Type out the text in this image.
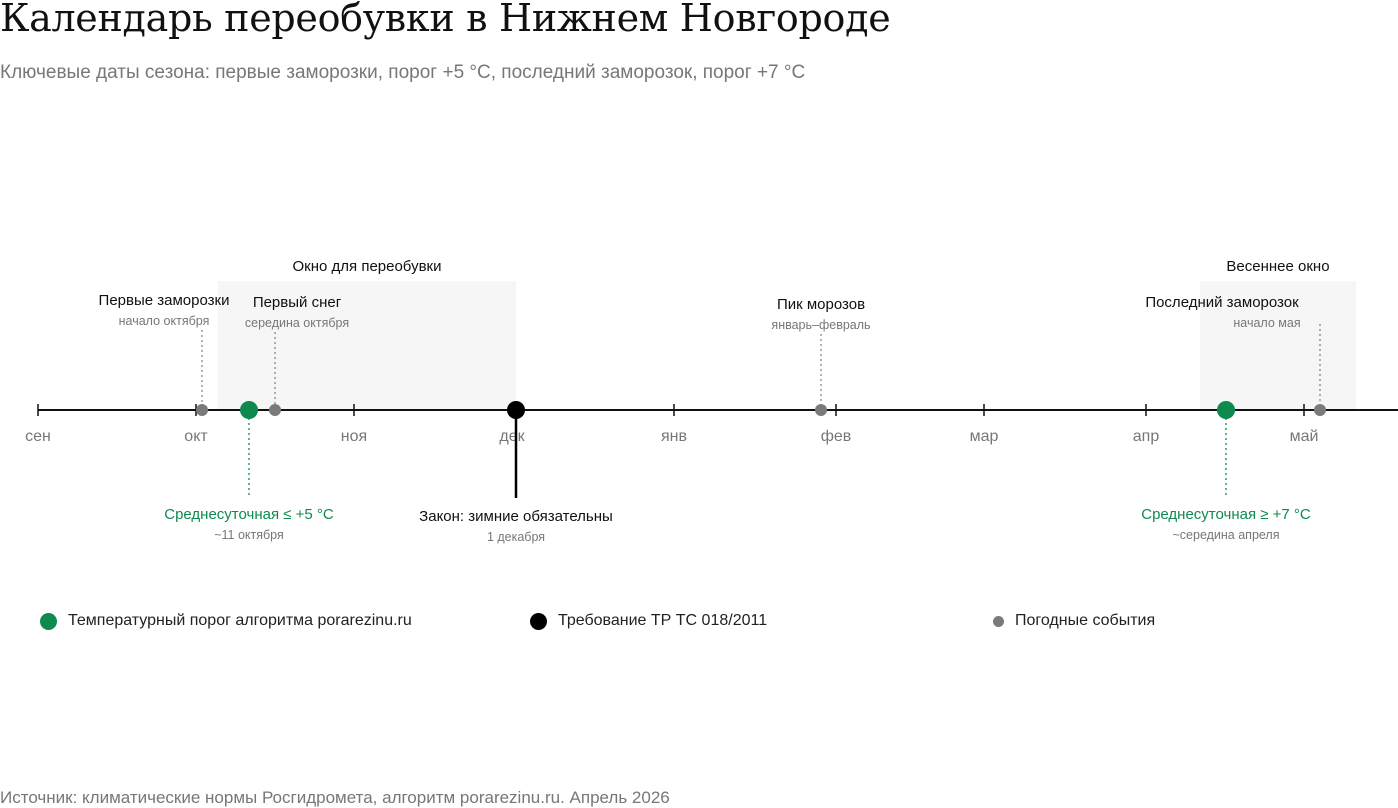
Календарь переобувки в Нижнем Новгороде

Ключевые даты сезона: первые заморозки, порог +5 °C, последний заморозок, порог +7 °C

Окно для переобувки	Весеннее окно
сен	окт	ноя	дек	янв	фев	мар	апр	май
Первые заморозки
начало октября
Первый снег
середина октября
Пик морозов
январь–февраль
Последний заморозок
начало мая
Среднесуточная ≤ +5 °C
~11 октября
Закон: зимние обязательны
1 декабря
Среднесуточная ≥ +7 °C
~середина апреля
Температурный порог алгоритма porarezinu.ru	Требование ТР ТС 018/2011	Погодные события

Источник: климатические нормы Росгидромета, алгоритм porarezinu.ru. Апрель 2026
